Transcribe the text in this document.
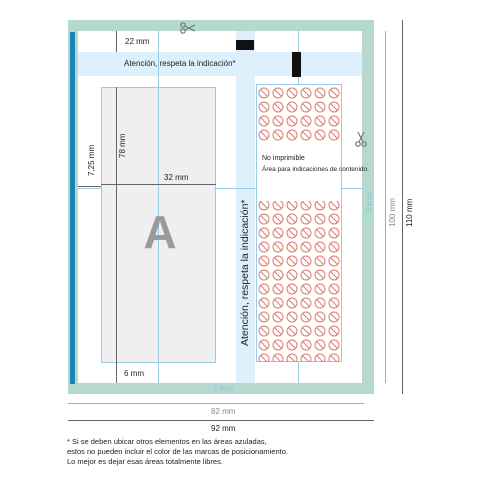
A
No imprimible
Área para indicaciones de contenido.
22 mm
Atención, respeta la indicación*
78 mm
7,25 mm
32 mm
6 mm
5 mm
5 mm
Atención, respeta la indicación*
82 mm
92 mm
100 mm 110 mm
* Si se deben ubicar otros elementos en las áreas azuladas,
estos no pueden incluir el color de las marcas de posicionamiento.
Lo mejor es dejar esas áreas totalmente libres.
